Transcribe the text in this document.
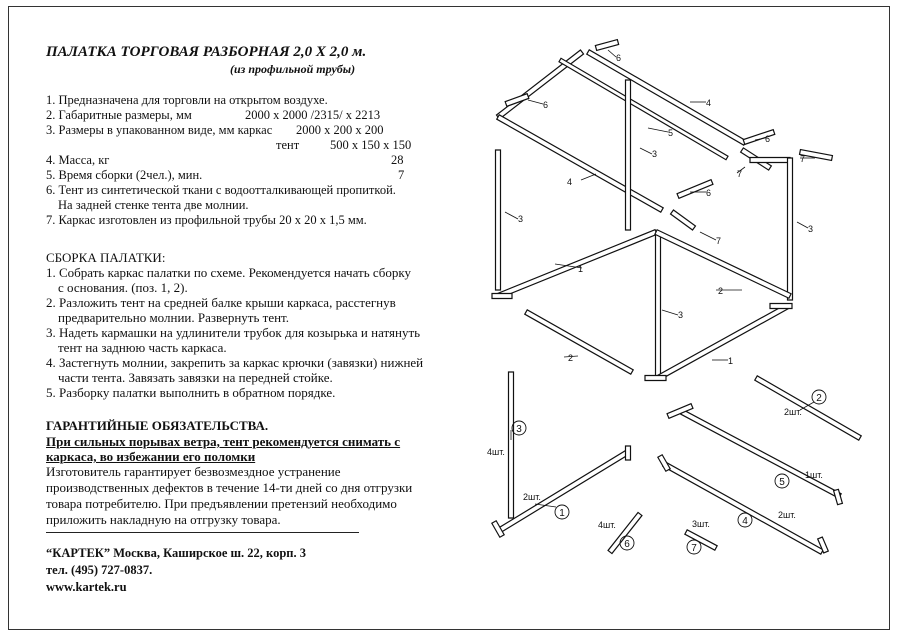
ПАЛАТКА ТОРГОВАЯ РАЗБОРНАЯ 2,0 Х 2,0 м.
(из профильной трубы)
1. Предназначена для торговли на открытом воздухе.
2. Габаритные размеры, мм	2000 х 2000 /2315/ х 2213
3. Размеры в упакованном виде, мм каркас 2000 х 200 х 200
тент 500 х 150 х 150
4. Масса, кг	28
5. Время сборки (2чел.), мин.	7
6. Тент из синтетической ткани с водоотталкивающей пропиткой.
На задней стенке тента две молнии.
7. Каркас изготовлен из профильной трубы 20 х 20 х 1,5 мм.
СБОРКА ПАЛАТКИ:
1. Собрать каркас палатки по схеме. Рекомендуется начать сборку
с основания. (поз. 1, 2).
2. Разложить тент на средней балке крыши каркаса, расстегнув
предварительно молнии. Развернуть тент.
3. Надеть кармашки на удлинители трубок для козырька и натянуть
тент на заднюю часть каркаса.
4. Застегнуть молнии, закрепить за каркас крючки (завязки) нижней
части тента. Завязать завязки на передней стойке.
5. Разборку палатки выполнить в обратном порядке.
ГАРАНТИЙНЫЕ ОБЯЗАТЕЛЬСТВА.
При сильных порывах ветра, тент рекомендуется снимать с
каркаса, во избежании его поломки
Изготовитель гарантирует безвозмездное устранение
производственных дефектов в течение 14-ти дней со дня отгрузки
товара потребителю. При предъявлении претензий необходимо
приложить накладную на отгрузку товара.
“КАРТЕК” Москва, Каширское ш. 22, корп. 3
тел. (495) 727-0837.
www.kartek.ru
1
1
2
2
3
3
3
3
4
4
5
6
6
6
6
7
7
7
1
2
3
4
5
6	7
2шт.
2шт.
4шт.
2шт.
1шт.
4шт.	3шт.
